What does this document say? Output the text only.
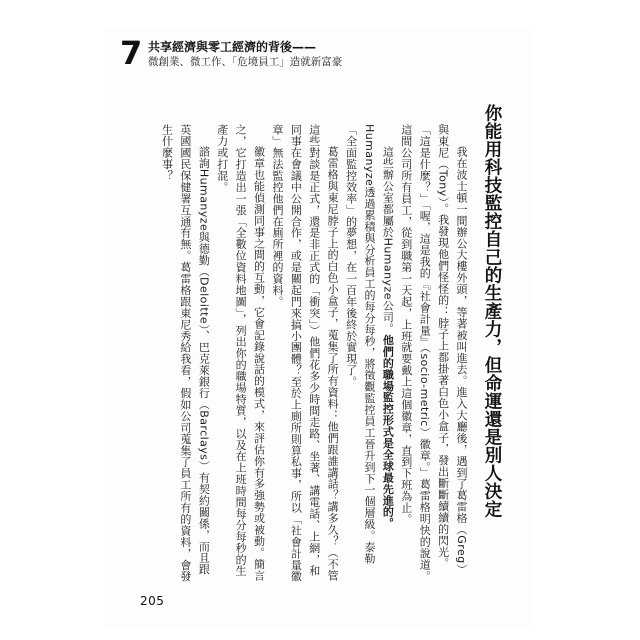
7 共享經濟與零工經濟的背後——
微創業、微工作、「危境員工」造就新富豪
你能用科技監控自己的生產力，但命運還是別人決定

我在波士頓一間辦公大樓外頭，等著被叫進去。進入大廳後，遇到了葛雷格（Greg）與東尼（Tony）。我發現他們怪怪的：脖子上都掛著白色小盒子，發出斷斷續續的閃光。「這是什麼？」「喔，這是我的『社會計量』（socio-metric）徽章。」葛雷格明快的說道。這間公司所有員工，從到職第一天起，上班就要戴上這個徽章，直到下班為止。

這些辦公室都屬於Humanyze公司。他們的職場監控形式是全球最先進的。Humanyze透過累積與分析員工的每分每秒，將徵觀監控員工晉升到下一個層級。泰勒「全面監控效率」的夢想，在一百年後終於實現了。

葛雷格與東尼脖子上的白色小盒子，蒐集了所有資料：他們跟誰講話？講多久？（不管這些對談是正式，還是非正式的「衝突」）他們花多少時間走路、坐著、講電話、上網，和同事在會議中公開合作，或是關起門來搞小團體？至於上廁所則算私事，所以「社會計量徽章」無法監控他們在廁所裡的資料。

徽章也能偵測同事之間的互動，它會記錄說話的模式，來評估你有多強勢或被動。簡言之，它打造出一張「全數位資料地圖」，列出你的職場特質，以及在上班時間每分每秒的生產力或打混。

諮詢Humanyze與德勤（Deloitte）、巴克萊銀行（Barclays）有契約關係，而且跟英國國民保健署互通有無。葛雷格跟東尼秀給我看，假如公司蒐集了員工所有的資料，會發生什麼事？

205
